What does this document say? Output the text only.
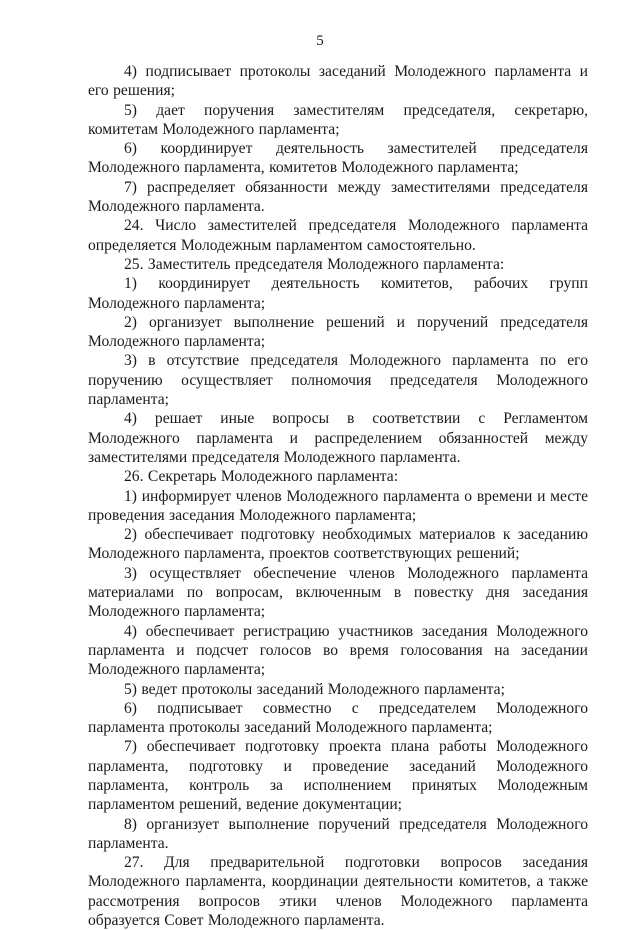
5

4) подписывает протоколы заседаний Молодежного парламента и его решения;

5) дает поручения заместителям председателя, секретарю, комитетам Молодежного парламента;

6) координирует деятельность заместителей председателя Молодежного парламента, комитетов Молодежного парламента;

7) распределяет обязанности между заместителями председателя Молодежного парламента.

24. Число заместителей председателя Молодежного парламента определяется Молодежным парламентом самостоятельно.

25. Заместитель председателя Молодежного парламента:

1) координирует деятельность комитетов, рабочих групп Молодежного парламента;

2) организует выполнение решений и поручений председателя Молодежного парламента;

3) в отсутствие председателя Молодежного парламента по его поручению осуществляет полномочия председателя Молодежного парламента;

4) решает иные вопросы в соответствии с Регламентом Молодежного парламента и распределением обязанностей между заместителями председателя Молодежного парламента.

26. Секретарь Молодежного парламента:

1) информирует членов Молодежного парламента о времени и месте проведения заседания Молодежного парламента;

2) обеспечивает подготовку необходимых материалов к заседанию Молодежного парламента, проектов соответствующих решений;

3) осуществляет обеспечение членов Молодежного парламента материалами по вопросам, включенным в повестку дня заседания Молодежного парламента;

4) обеспечивает регистрацию участников заседания Молодежного парламента и подсчет голосов во время голосования на заседании Молодежного парламента;

5) ведет протоколы заседаний Молодежного парламента;

6) подписывает совместно с председателем Молодежного парламента протоколы заседаний Молодежного парламента;

7) обеспечивает подготовку проекта плана работы Молодежного парламента, подготовку и проведение заседаний Молодежного парламента, контроль за исполнением принятых Молодежным парламентом решений, ведение документации;

8) организует выполнение поручений председателя Молодежного парламента.

27. Для предварительной подготовки вопросов заседания Молодежного парламента, координации деятельности комитетов, а также рассмотрения вопросов этики членов Молодежного парламента образуется Совет Молодежного парламента.
